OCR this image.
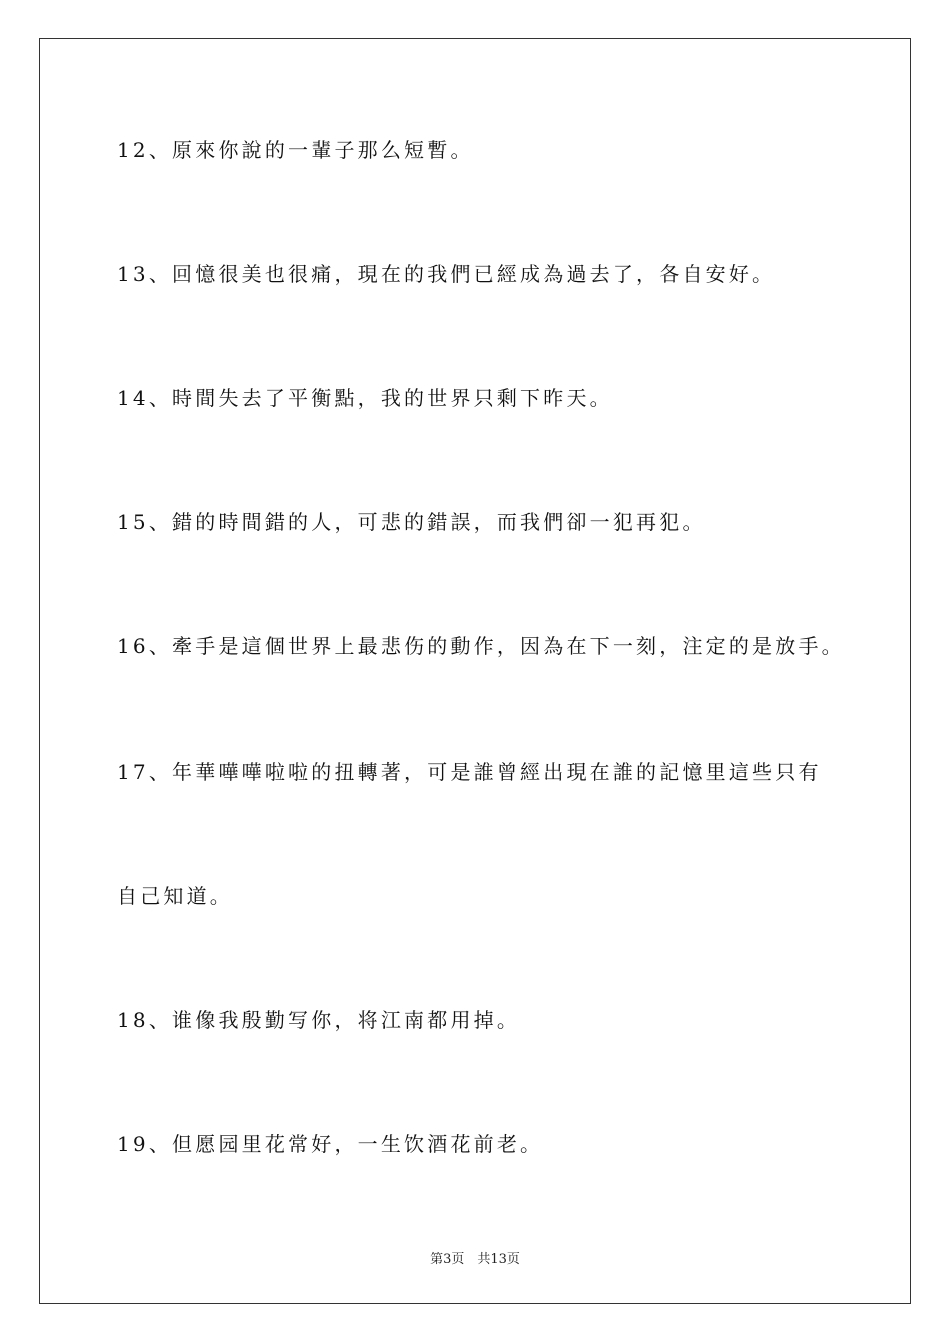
12、原來你說的一輩子那么短暫。
13、回憶很美也很痛，現在的我們已經成為過去了，各自安好。
14、時間失去了平衡點，我的世界只剩下昨天。
15、錯的時間錯的人，可悲的錯誤，而我們卻一犯再犯。
16、牽手是這個世界上最悲伤的動作，因為在下一刻，注定的是放手。
17、年華嘩嘩啦啦的扭轉著，可是誰曾經出現在誰的記憶里這些只有
自己知道。
18、谁像我殷勤写你，将江南都用掉。
19、但愿园里花常好，一生饮酒花前老。
第3页　共13页
